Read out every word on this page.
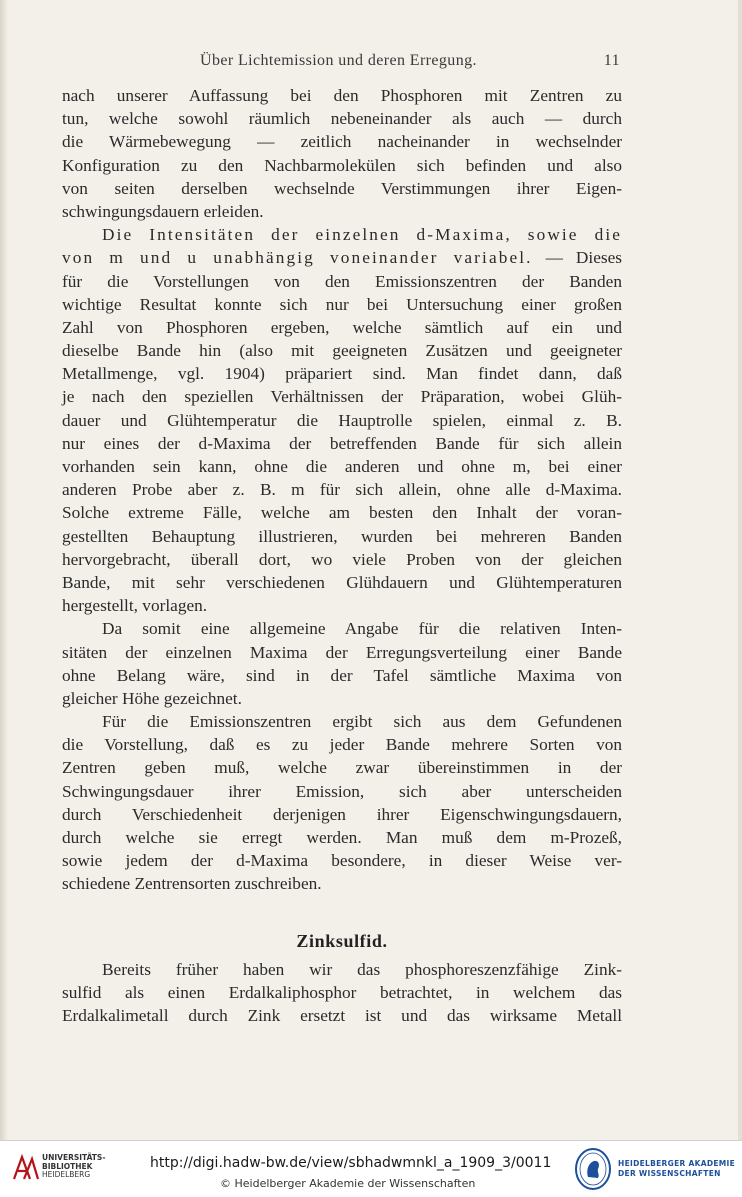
Über Lichtemission und deren Erregung.	11
nach unserer Auffassung bei den Phosphoren mit Zentren zu
tun, welche sowohl räumlich nebeneinander als auch — durch
die Wärmebewegung — zeitlich nacheinander in wechselnder
Konfiguration zu den Nachbarmolekülen sich befinden und also
von seiten derselben wechselnde Verstimmungen ihrer Eigen-
schwingungsdauern erleiden.
Die Intensitäten der einzelnen d-Maxima, sowie die
von m und u unabhängig voneinander variabel. — Dieses
für die Vorstellungen von den Emissionszentren der Banden
wichtige Resultat konnte sich nur bei Untersuchung einer großen
Zahl von Phosphoren ergeben, welche sämtlich auf ein und
dieselbe Bande hin (also mit geeigneten Zusätzen und geeigneter
Metallmenge, vgl. 1904) präpariert sind. Man findet dann, daß
je nach den speziellen Verhältnissen der Präparation, wobei Glüh-
dauer und Glühtemperatur die Hauptrolle spielen, einmal z. B.
nur eines der d-Maxima der betreffenden Bande für sich allein
vorhanden sein kann, ohne die anderen und ohne m, bei einer
anderen Probe aber z. B. m für sich allein, ohne alle d-Maxima.
Solche extreme Fälle, welche am besten den Inhalt der voran-
gestellten Behauptung illustrieren, wurden bei mehreren Banden
hervorgebracht, überall dort, wo viele Proben von der gleichen
Bande, mit sehr verschiedenen Glühdauern und Glühtemperaturen
hergestellt, vorlagen.
Da somit eine allgemeine Angabe für die relativen Inten-
sitäten der einzelnen Maxima der Erregungsverteilung einer Bande
ohne Belang wäre, sind in der Tafel sämtliche Maxima von
gleicher Höhe gezeichnet.
Für die Emissionszentren ergibt sich aus dem Gefundenen
die Vorstellung, daß es zu jeder Bande mehrere Sorten von
Zentren geben muß, welche zwar übereinstimmen in der
Schwingungsdauer ihrer Emission, sich aber unterscheiden
durch Verschiedenheit derjenigen ihrer Eigenschwingungsdauern,
durch welche sie erregt werden. Man muß dem m-Prozeß,
sowie jedem der d-Maxima besondere, in dieser Weise ver-
schiedene Zentrensorten zuschreiben.
Zinksulfid.
Bereits früher haben wir das phosphoreszenzfähige Zink-
sulfid als einen Erdalkaliphosphor betrachtet, in welchem das
Erdalkalimetall durch Zink ersetzt ist und das wirksame Metall
UNIVERSITÄTS-
BIBLIOTHEK
HEIDELBERG
http://digi.hadw-bw.de/view/sbhadwmnkl_a_1909_3/0011
© Heidelberger Akademie der Wissenschaften
HEIDELBERGER AKADEMIE
DER WISSENSCHAFTEN
